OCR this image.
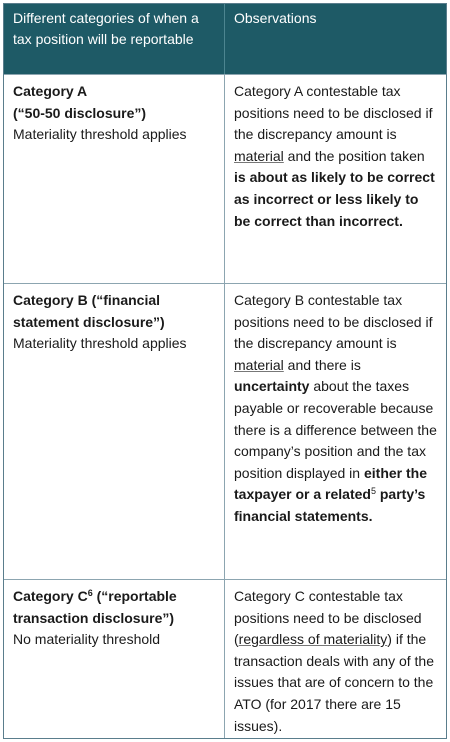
Different categories of when a tax position will be reportable
Observations
Category A
(“50-50 disclosure”)
Materiality threshold applies
Category A contestable tax positions need to be disclosed if the discrepancy amount is material and the position taken is about as likely to be correct as incorrect or less likely to be correct than incorrect.
Category B (“financial statement disclosure”)
Materiality threshold applies
Category B contestable tax positions need to be disclosed if the discrepancy amount is material and there is uncertainty about the taxes payable or recoverable because there is a difference between the company’s position and the tax position displayed in either the taxpayer or a related$^5$ party’s financial statements.
Category $C^6$ (“reportable transaction disclosure”)
No materiality threshold
Category C contestable tax positions need to be disclosed (regardless of materiality) if the transaction deals with any of the issues that are of concern to the ATO (for 2017 there are 15 issues).
